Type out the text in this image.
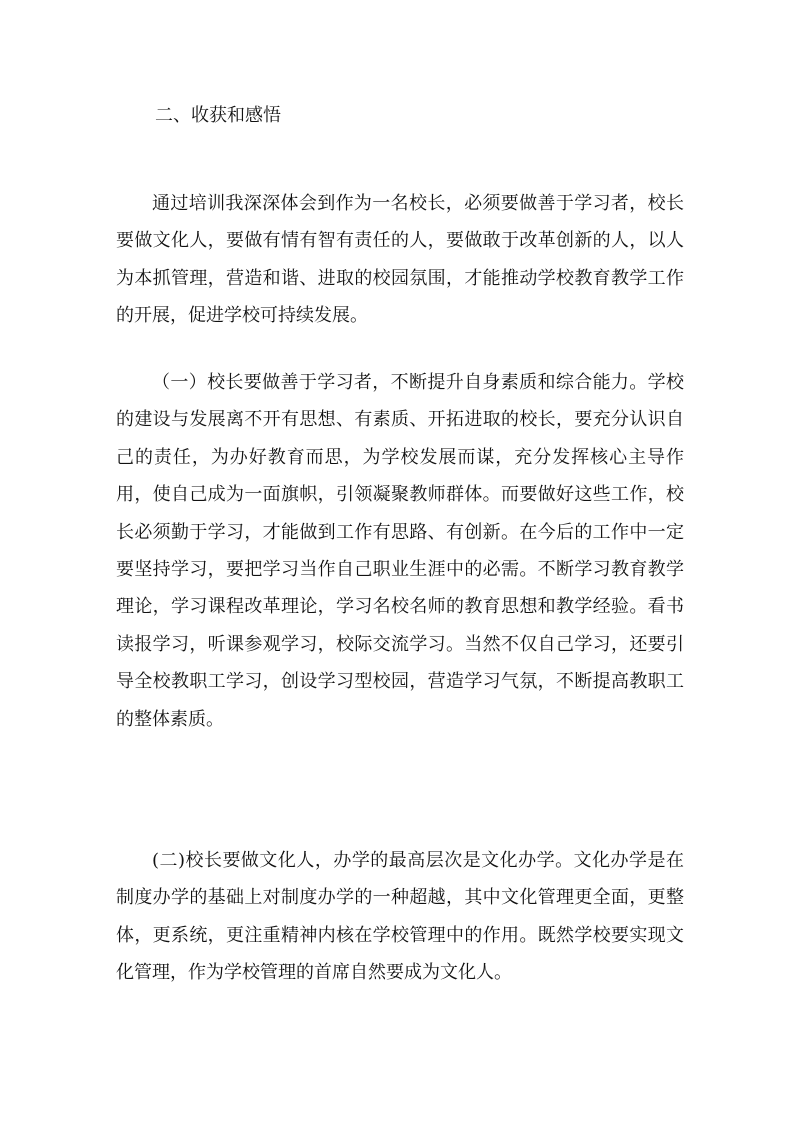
二、收获和感悟

通过培训我深深体会到作为一名校长，必须要做善于学习者，校长要做文化人，要做有情有智有责任的人，要做敢于改革创新的人，以人为本抓管理，营造和谐、进取的校园氛围，才能推动学校教育教学工作的开展，促进学校可持续发展。

（一）校长要做善于学习者，不断提升自身素质和综合能力。学校的建设与发展离不开有思想、有素质、开拓进取的校长，要充分认识自己的责任，为办好教育而思，为学校发展而谋，充分发挥核心主导作用，使自己成为一面旗帜，引领凝聚教师群体。而要做好这些工作，校长必须勤于学习，才能做到工作有思路、有创新。在今后的工作中一定要坚持学习，要把学习当作自己职业生涯中的必需。不断学习教育教学理论，学习课程改革理论，学习名校名师的教育思想和教学经验。看书读报学习，听课参观学习，校际交流学习。当然不仅自己学习，还要引导全校教职工学习，创设学习型校园，营造学习气氛，不断提高教职工的整体素质。

(二)校长要做文化人，办学的最高层次是文化办学。文化办学是在制度办学的基础上对制度办学的一种超越，其中文化管理更全面，更整体，更系统，更注重精神内核在学校管理中的作用。既然学校要实现文化管理，作为学校管理的首席自然要成为文化人。
